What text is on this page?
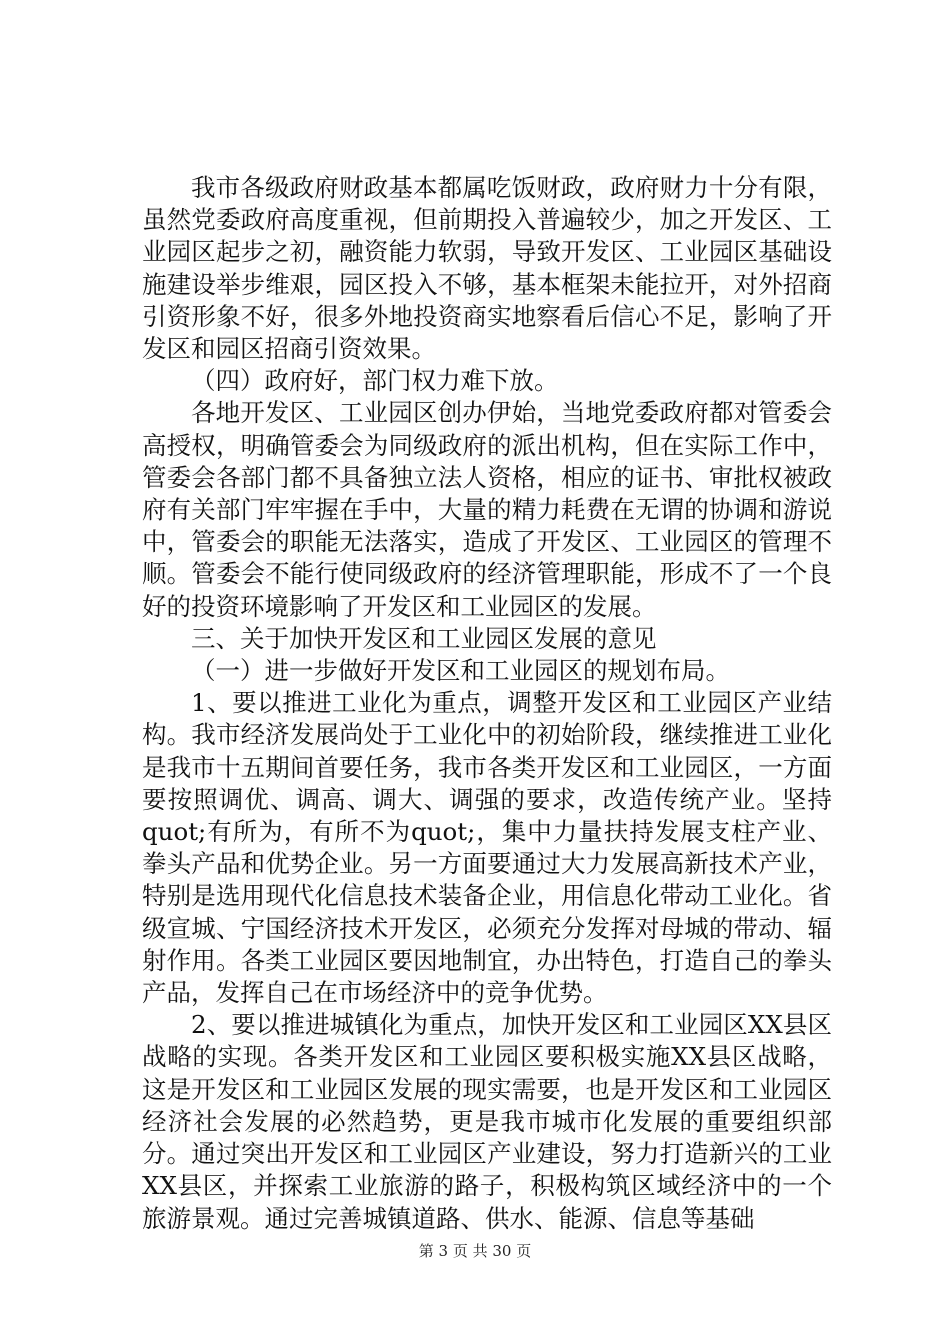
我市各级政府财政基本都属吃饭财政，政府财力十分有限，虽然党委政府高度重视，但前期投入普遍较少，加之开发区、工业园区起步之初，融资能力软弱，导致开发区、工业园区基础设施建设举步维艰，园区投入不够，基本框架未能拉开，对外招商引资形象不好，很多外地投资商实地察看后信心不足，影响了开发区和园区招商引资效果。

（四）政府好，部门权力难下放。

各地开发区、工业园区创办伊始，当地党委政府都对管委会高授权，明确管委会为同级政府的派出机构，但在实际工作中，管委会各部门都不具备独立法人资格，相应的证书、审批权被政府有关部门牢牢握在手中，大量的精力耗费在无谓的协调和游说中，管委会的职能无法落实，造成了开发区、工业园区的管理不顺。管委会不能行使同级政府的经济管理职能，形成不了一个良好的投资环境影响了开发区和工业园区的发展。

三、关于加快开发区和工业园区发展的意见

（一）进一步做好开发区和工业园区的规划布局。

1、要以推进工业化为重点，调整开发区和工业园区产业结构。我市经济发展尚处于工业化中的初始阶段，继续推进工业化是我市十五期间首要任务，我市各类开发区和工业园区，一方面要按照调优、调高、调大、调强的要求，改造传统产业。坚持quot;有所为，有所不为quot;，集中力量扶持发展支柱产业、拳头产品和优势企业。另一方面要通过大力发展高新技术产业，特别是选用现代化信息技术装备企业，用信息化带动工业化。省级宣城、宁国经济技术开发区，必须充分发挥对母城的带动、辐射作用。各类工业园区要因地制宜，办出特色，打造自己的拳头产品，发挥自己在市场经济中的竞争优势。

2、要以推进城镇化为重点，加快开发区和工业园区XX县区战略的实现。各类开发区和工业园区要积极实施XX县区战略，这是开发区和工业园区发展的现实需要，也是开发区和工业园区经济社会发展的必然趋势，更是我市城市化发展的重要组织部分。通过突出开发区和工业园区产业建设，努力打造新兴的工业XX县区，并探索工业旅游的路子，积极构筑区域经济中的一个旅游景观。通过完善城镇道路、供水、能源、信息等基础

第 3 页 共 30 页
